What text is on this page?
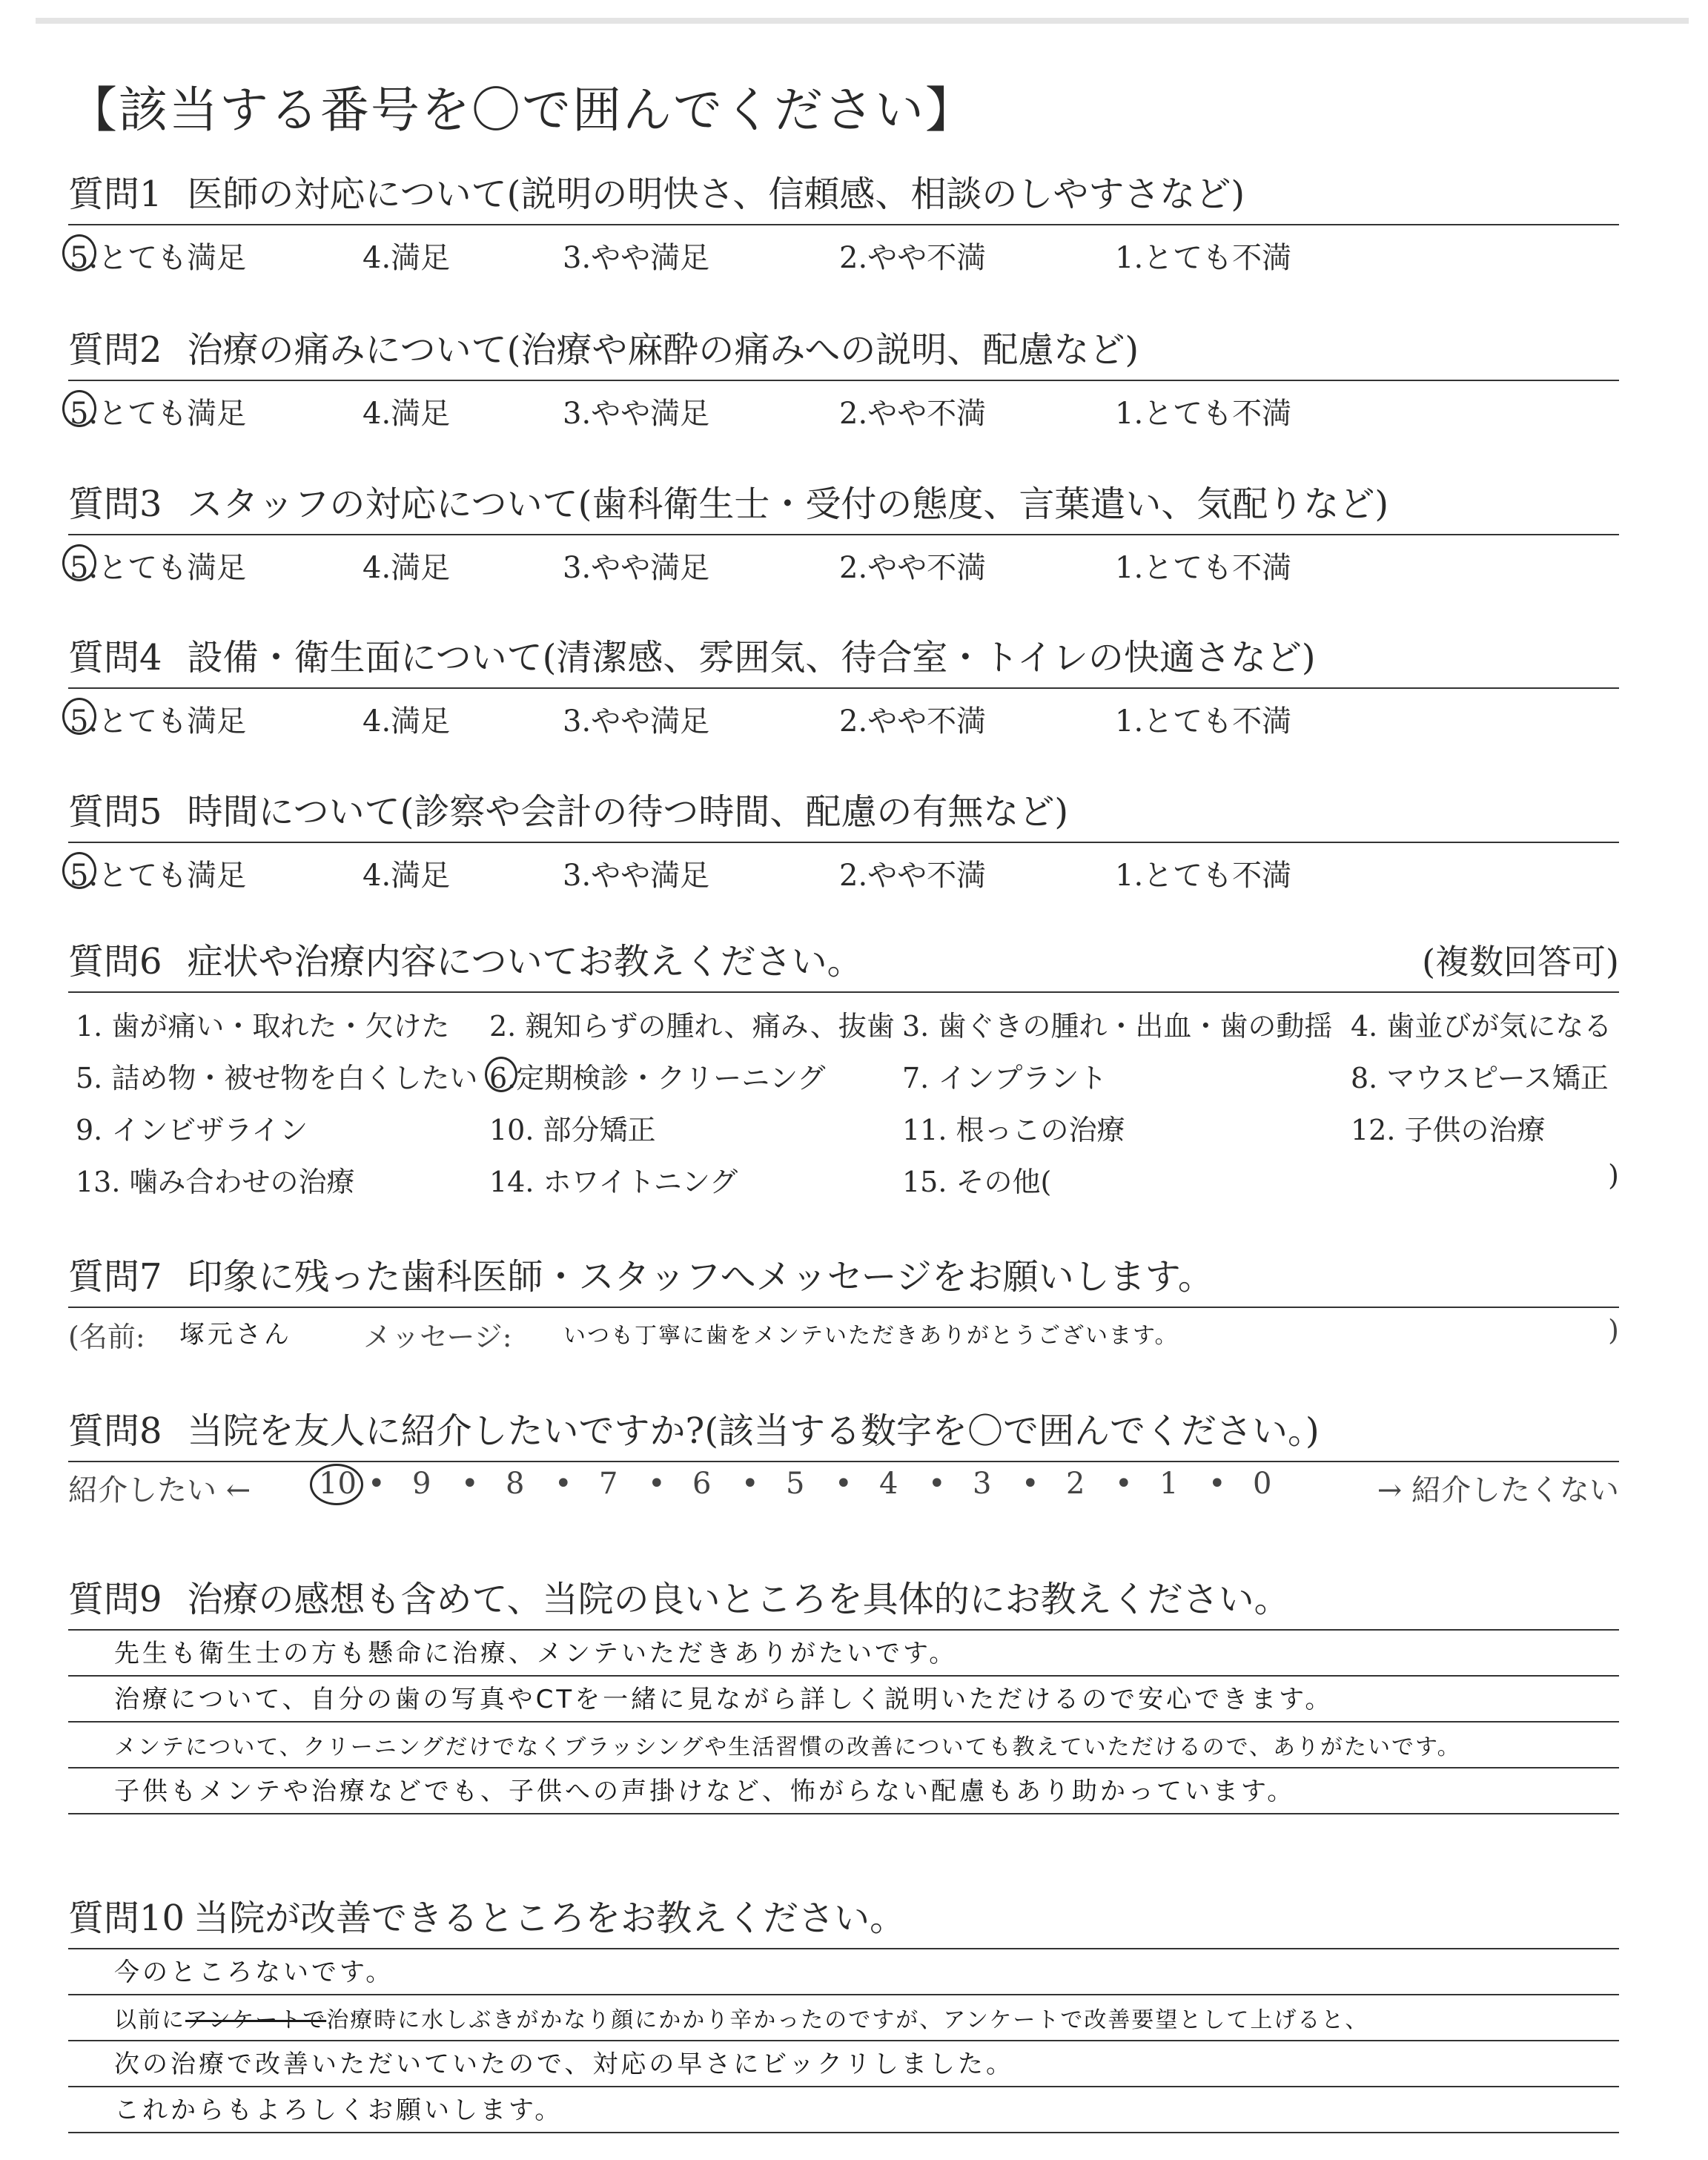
【該当する番号を〇で囲んでください】
質問1 医師の対応について(説明の明快さ、信頼感、相談のしやすさなど)
5.とても満足	4.満足	3.やや満足	2.やや不満	1.とても不満
質問2 治療の痛みについて(治療や麻酔の痛みへの説明、配慮など)
5.とても満足	4.満足	3.やや満足	2.やや不満	1.とても不満
質問3 スタッフの対応について(歯科衛生士・受付の態度、言葉遣い、気配りなど)
5.とても満足	4.満足	3.やや満足	2.やや不満	1.とても不満
質問4 設備・衛生面について(清潔感、雰囲気、待合室・トイレの快適さなど)
5.とても満足	4.満足	3.やや満足	2.やや不満	1.とても不満
質問5 時間について(診察や会計の待つ時間、配慮の有無など)
5.とても満足	4.満足	3.やや満足	2.やや不満	1.とても不満
質問6 症状や治療内容についてお教えください。	(複数回答可)
1. 歯が痛い・取れた・欠けた 2. 親知らずの腫れ、痛み、抜歯 3. 歯ぐきの腫れ・出血・歯の動揺 4. 歯並びが気になる
5. 詰め物・被せ物を白くしたい 6.定期検診・クリーニング	7. インプラント	8. マウスピース矯正
9. インビザライン	10. 部分矯正	11. 根っこの治療	12. 子供の治療
13. 噛み合わせの治療	14. ホワイトニング	15. その他(	)
質問7 印象に残った歯科医師・スタッフへメッセージをお願いします。
(名前: 塚元さん	メッセージ: いつも丁寧に歯をメンテいただきありがとうございます。	)
質問8 当院を友人に紹介したいですか?(該当する数字を〇で囲んでください。)
紹介したい ←	→ 紹介したくない
10 • 9 • 8 • 7 • 6 • 5 • 4 • 3 • 2 • 1 • 0
質問9 治療の感想も含めて、当院の良いところを具体的にお教えください。
先生も衛生士の方も懸命に治療、メンテいただきありがたいです。
治療について、自分の歯の写真やCTを一緒に見ながら詳しく説明いただけるので安心できます。
メンテについて、クリーニングだけでなくブラッシングや生活習慣の改善についても教えていただけるので、ありがたいです。
子供もメンテや治療などでも、子供への声掛けなど、怖がらない配慮もあり助かっています。
質問10 当院が改善できるところをお教えください。
今のところないです。
以前にアンケートで治療時に水しぶきがかなり顔にかかり辛かったのですが、アンケートで改善要望として上げると、
次の治療で改善いただいていたので、対応の早さにビックリしました。
これからもよろしくお願いします。
